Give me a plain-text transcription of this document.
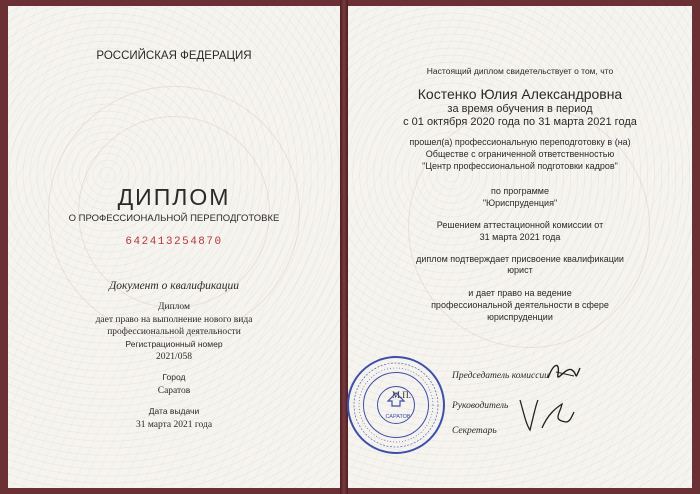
РОССИЙСКАЯ ФЕДЕРАЦИЯ
ДИПЛОМ
О ПРОФЕССИОНАЛЬНОЙ ПЕРЕПОДГОТОВКЕ
642413254870
Документ о квалификации
Диплом
дает право на выполнение нового вида
профессиональной деятельности
Регистрационный номер
2021/058
Город
Саратов
Дата выдачи
31 марта 2021 года
Настоящий диплом свидетельствует о том, что
Костенко Юлия Александровна
за время обучения в период
с 01 октября 2020 года по 31 марта 2021 года
прошел(а) профессиональную переподготовку в (на)
Обществе с ограниченной ответственностью
"Центр профессиональной подготовки кадров"
по программе
"Юриспруденция"
Решением аттестационной комиссии от
31 марта 2021 года
диплом подтверждает присвоение квалификации
юрист
и дает право на ведение
профессиональной деятельности в сфере
юриспруденции
Председатель комиссии
Руководитель
Секретарь
М.П.
САРАТОВ
